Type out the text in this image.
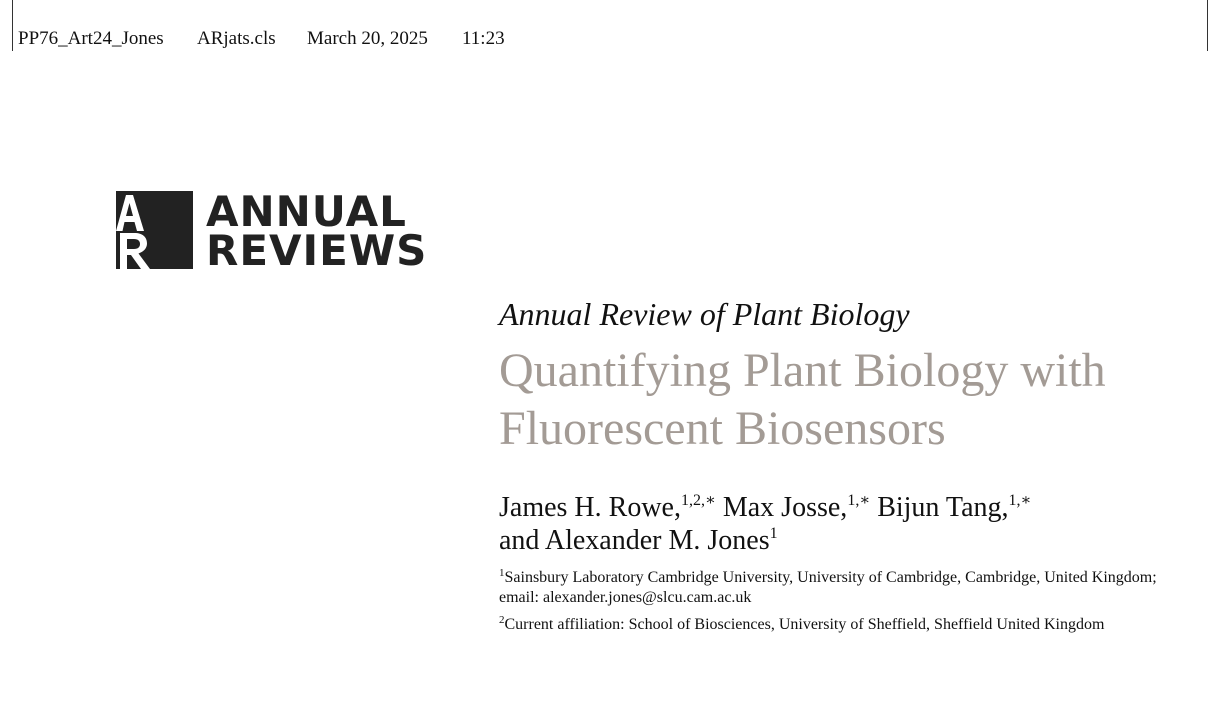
PP76_Art24_Jones	ARjats.cls	March 20, 2025	11:23
ANNUAL
REVIEWS

Annual Review of Plant Biology

Quantifying Plant Biology with
Fluorescent Biosensors
James H. Rowe,$^{1,2,∗}$ Max Josse,$^{1,∗}$ Bijun Tang,$^{1,∗}$
and Alexander M. Jones$^1$

$^1$Sainsbury Laboratory Cambridge University, University of Cambridge, Cambridge, United Kingdom; email: alexander.jones@slcu.cam.ac.uk

$^2$Current affiliation: School of Biosciences, University of Sheffield, Sheffield United Kingdom
